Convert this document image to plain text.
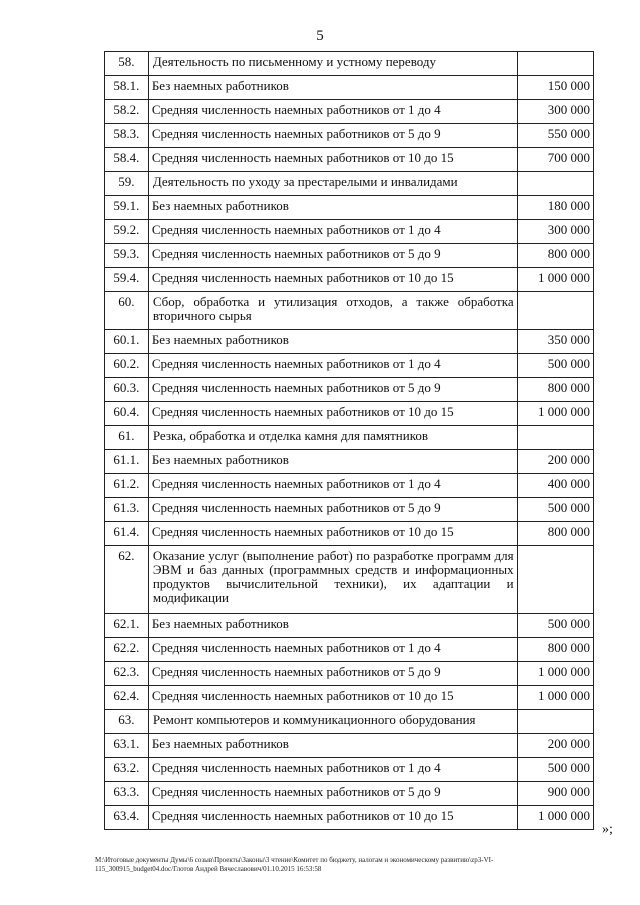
5
58.	Деятельность по письменному и устному переводу	
58.1.	Без наемных работников	150 000
58.2.	Средняя численность наемных работников от 1 до 4	300 000
58.3.	Средняя численность наемных работников от 5 до 9	550 000
58.4.	Средняя численность наемных работников от 10 до 15	700 000
59.	Деятельность по уходу за престарелыми и инвалидами	
59.1.	Без наемных работников	180 000
59.2.	Средняя численность наемных работников от 1 до 4	300 000
59.3.	Средняя численность наемных работников от 5 до 9	800 000
59.4.	Средняя численность наемных работников от 10 до 15	1 000 000
60.	Сбор, обработка и утилизация отходов, а также обработка вторичного сырья	
60.1.	Без наемных работников	350 000
60.2.	Средняя численность наемных работников от 1 до 4	500 000
60.3.	Средняя численность наемных работников от 5 до 9	800 000
60.4.	Средняя численность наемных работников от 10 до 15	1 000 000
61.	Резка, обработка и отделка камня для памятников	
61.1.	Без наемных работников	200 000
61.2.	Средняя численность наемных работников от 1 до 4	400 000
61.3.	Средняя численность наемных работников от 5 до 9	500 000
61.4.	Средняя численность наемных работников от 10 до 15	800 000
62.	Оказание услуг (выполнение работ) по разработке программ для ЭВМ и баз данных (программных средств и информационных продуктов вычислительной техники), их адаптации и модификации	
62.1.	Без наемных работников	500 000
62.2.	Средняя численность наемных работников от 1 до 4	800 000
62.3.	Средняя численность наемных работников от 5 до 9	1 000 000
62.4.	Средняя численность наемных работников от 10 до 15	1 000 000
63.	Ремонт компьютеров и коммуникационного оборудования	
63.1.	Без наемных работников	200 000
63.2.	Средняя численность наемных работников от 1 до 4	500 000
63.3.	Средняя численность наемных работников от 5 до 9	900 000
63.4.	Средняя численность наемных работников от 10 до 15	1 000 000
»;
M:\Итоговые документы Думы\6 созыв\Проекты\Законы\3 чтение\Комитет по бюджету, налогам и экономическому развитию\zp3-VI-
115_300915_budget04.doc/Глотов Андрей Вячеславович/01.10.2015 16:53:58
